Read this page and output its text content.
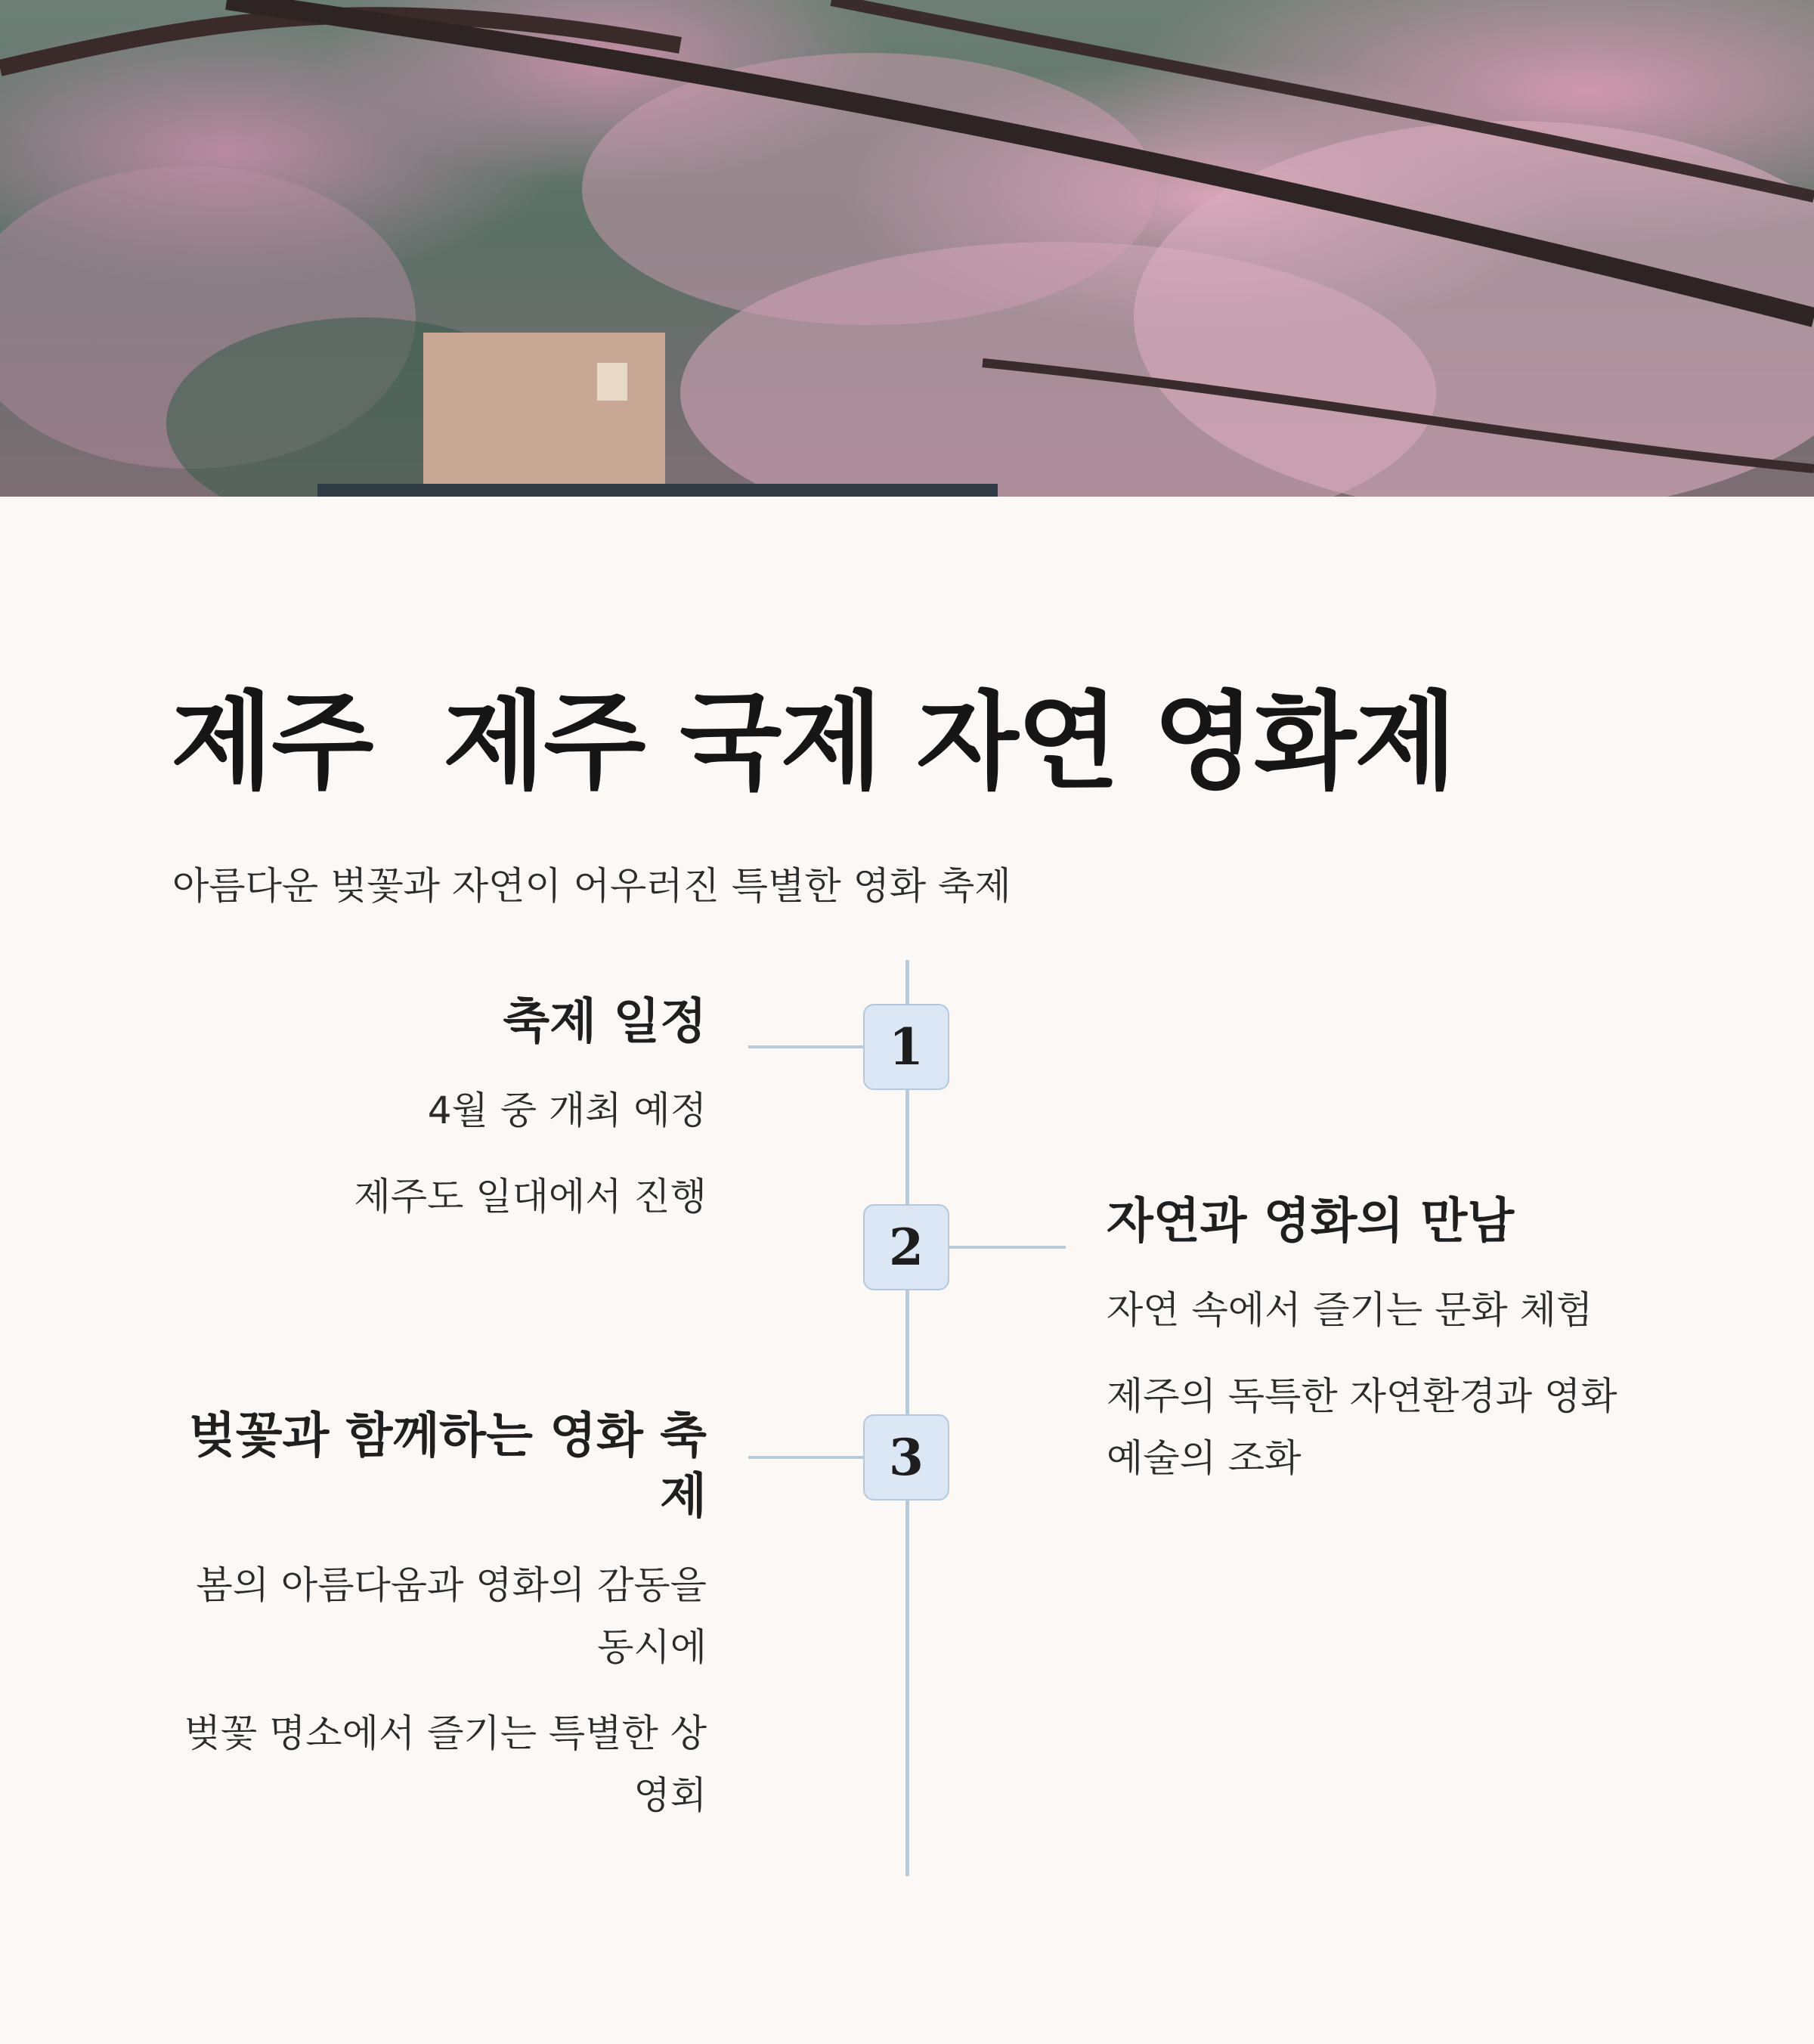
제주  제주 국제 자연 영화제

아름다운 벚꽃과 자연이 어우러진 특별한 영화 축제

1

축제 일정

4월 중 개최 예정

제주도 일대에서 진행

2	자연과 영화의 만남

자연 속에서 즐기는 문화 체험

제주의 독특한 자연환경과 영화 예술의 조화

3

벚꽃과 함께하는 영화 축제

봄의 아름다움과 영화의 감동을 동시에

벚꽃 명소에서 즐기는 특별한 상영회
